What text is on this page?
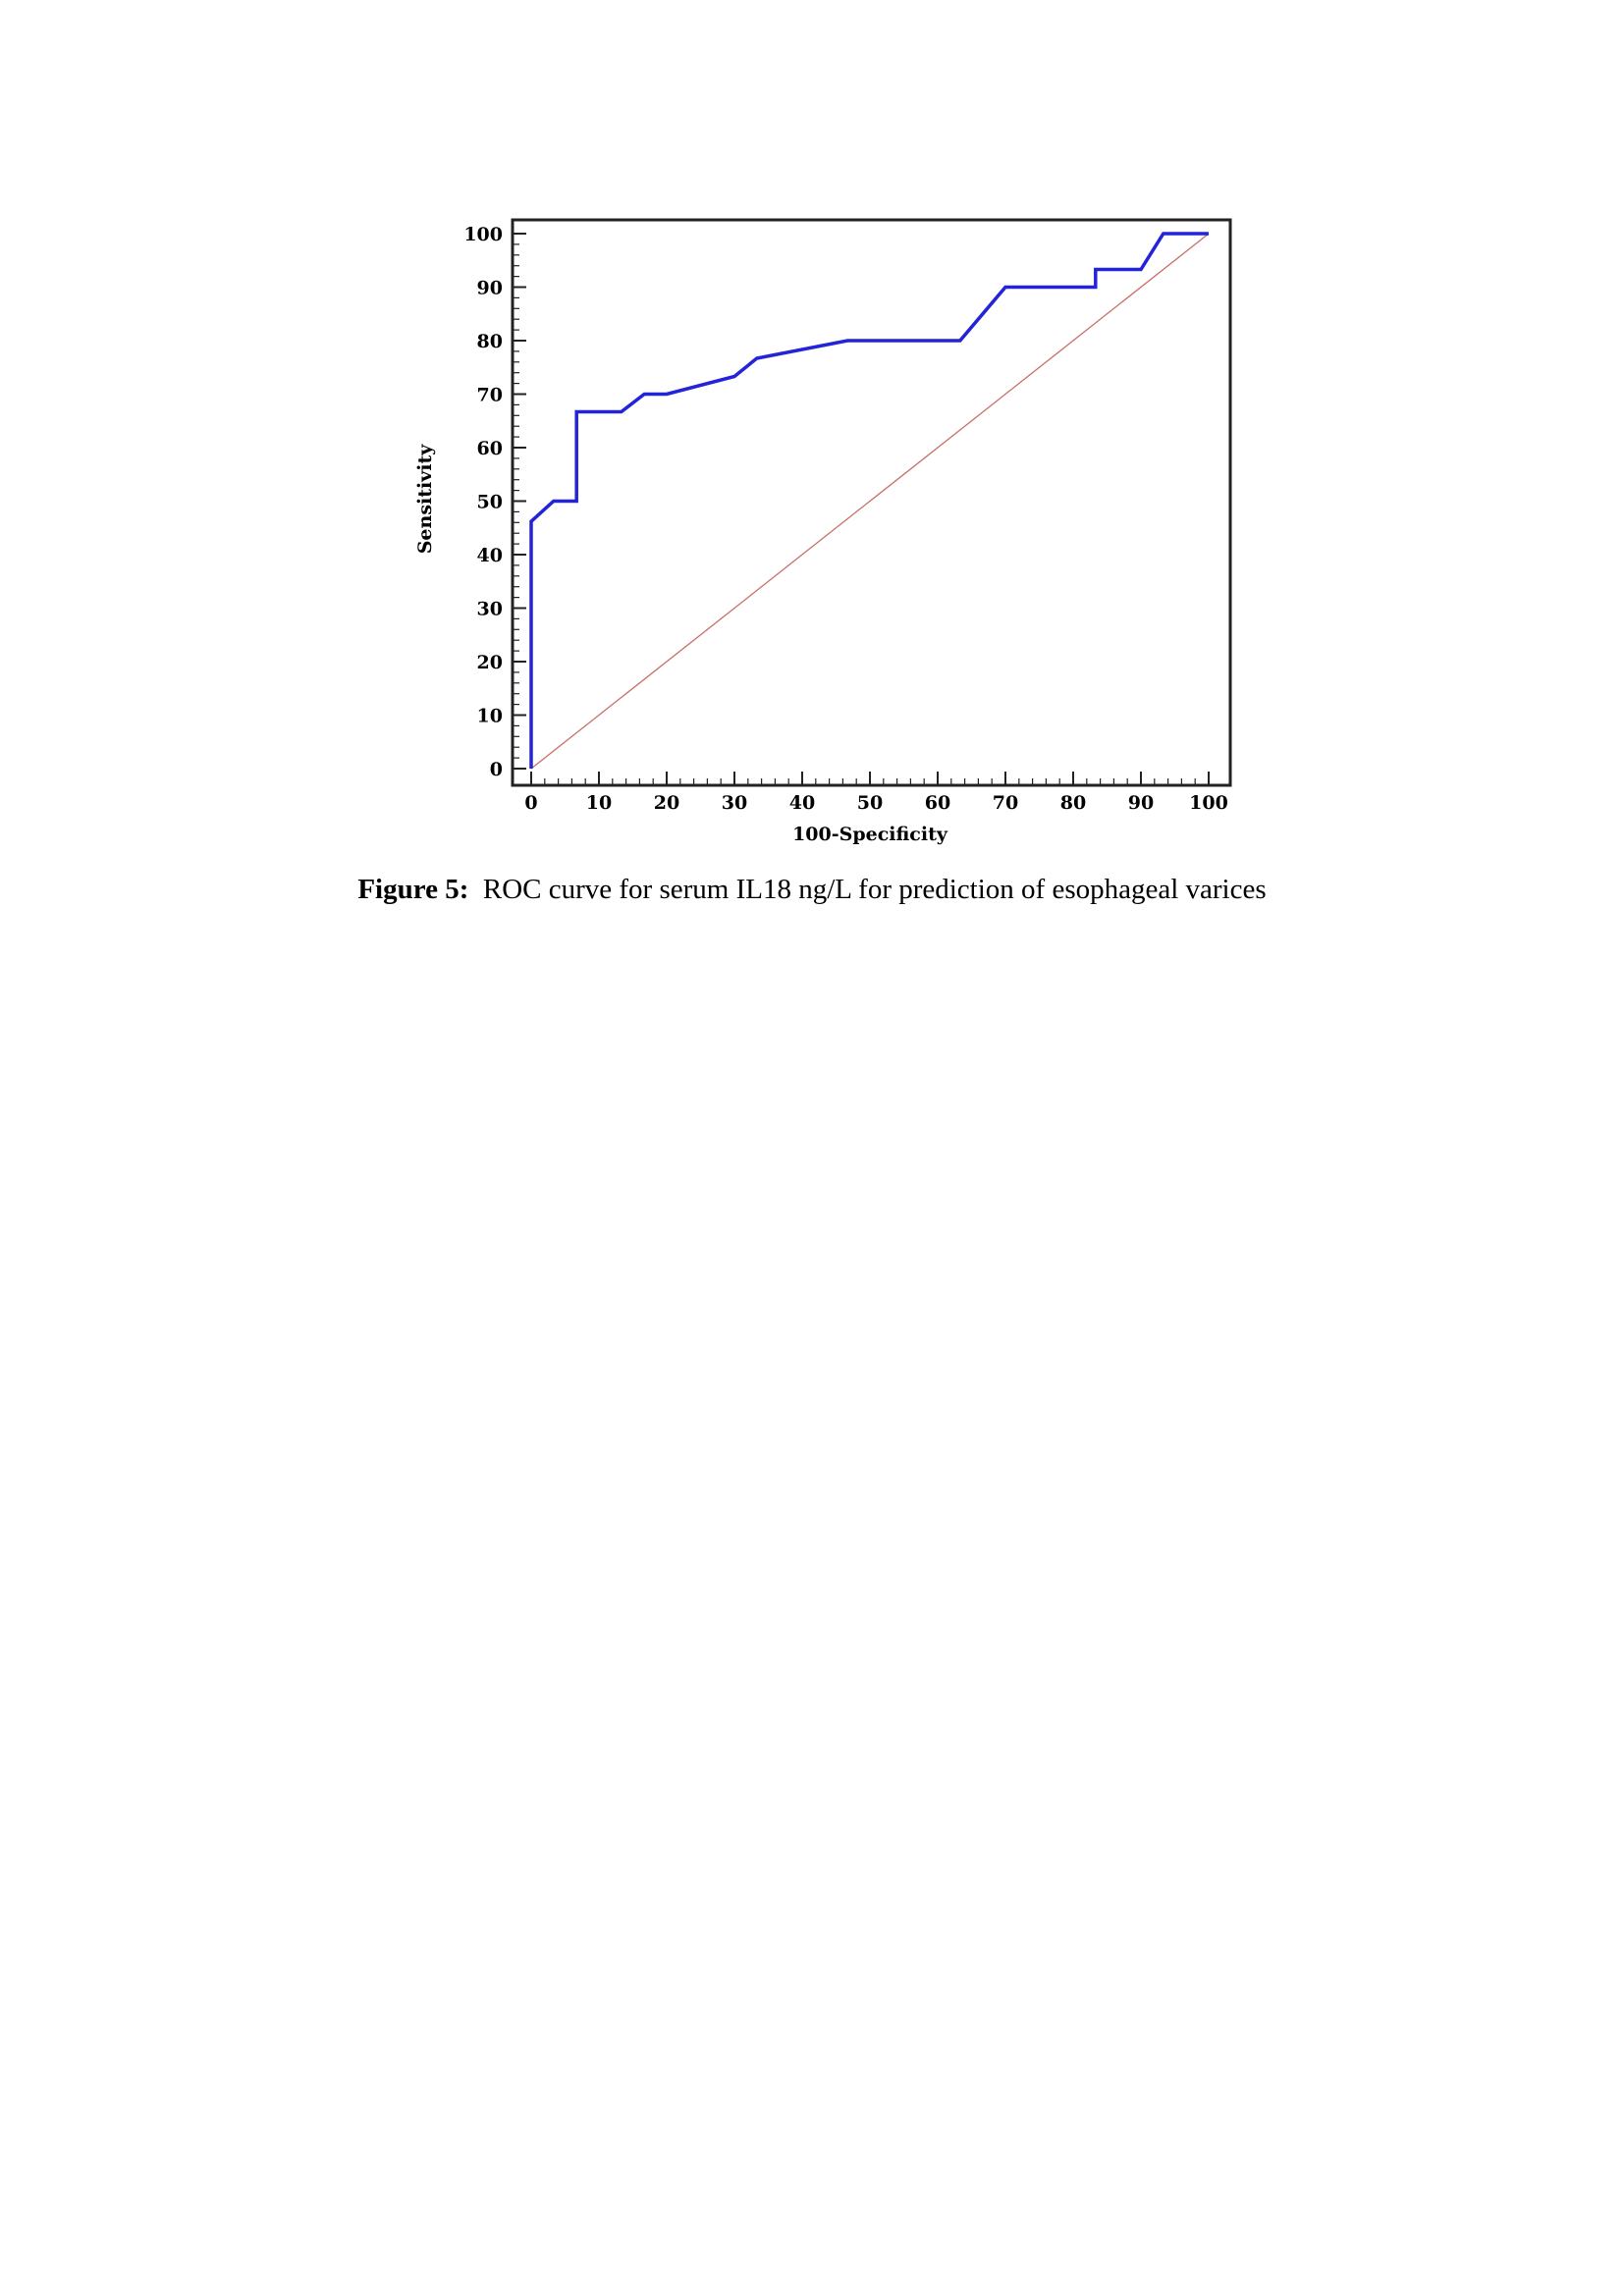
0
10
20
30
40
50
60
70
80
90
100
0	10 20 30 40 50 60 70 80 90 100
100-Specificity
Sensitivity
Figure 5: ROC curve for serum IL18 ng/L for prediction of esophageal varices
